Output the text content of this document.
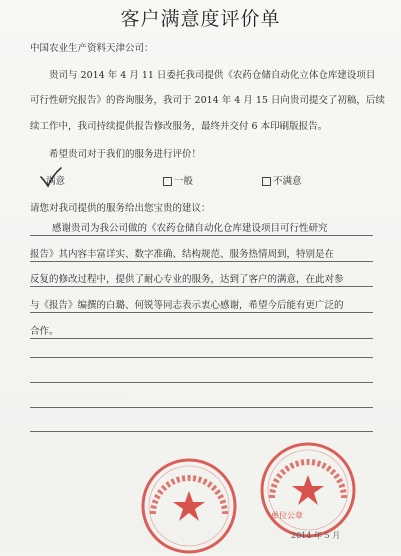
客户满意度评价单
中国农业生产资料天津公司：
贵司与 2014 年 4 月 11 日委托我司提供《农药仓储自动化立体仓库建设项目
可行性研究报告》的咨询服务，我司于 2014 年 4 月 15 日向贵司提交了初稿，后续
续工作中，我司持续提供报告修改服务，最终并交付 6 本印刷版报告。
希望贵司对于我们的服务进行评价！
满意	一般	不满意
请您对我司提供的服务给出您宝贵的建议：
感谢贵司为我公司做的《农药仓储自动化仓库建设项目可行性研究
报告》其内容丰富详实、数字准确、结构规范、服务热情周到，特别是在
反复的修改过程中，提供了耐心专业的服务，达到了客户的满意，在此对参
与《报告》编撰的白璐、何锐等同志表示衷心感谢，希望今后能有更广泛的
合作。
单位公章
2014 年 5 月
